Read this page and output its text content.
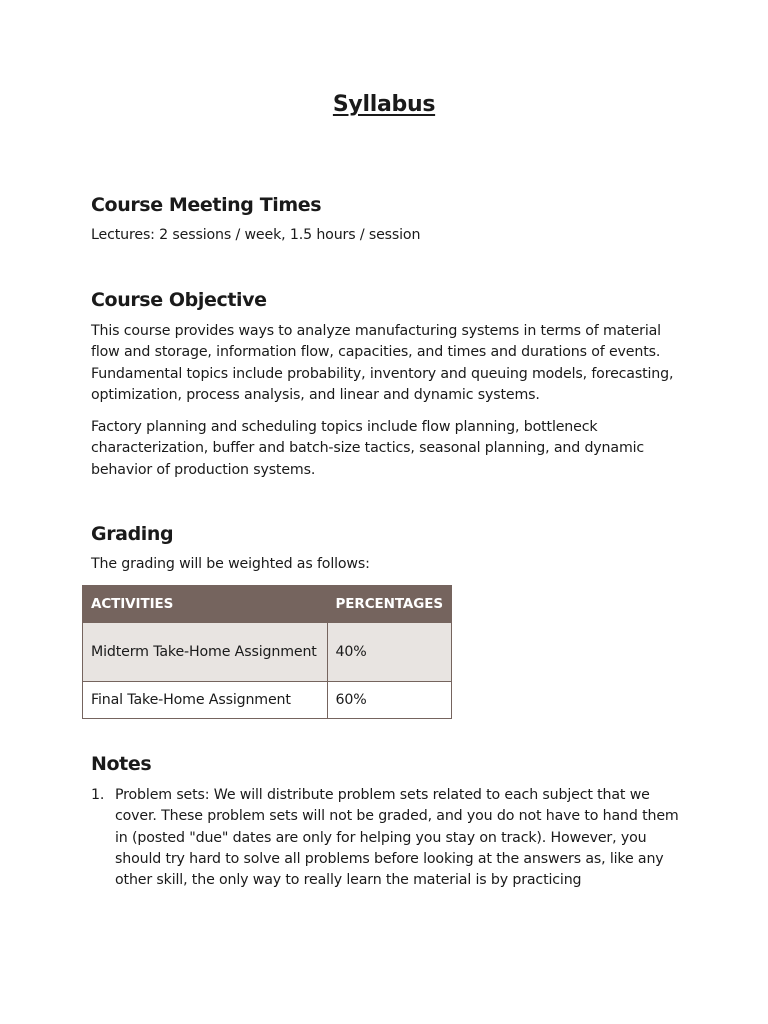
Syllabus
Course Meeting Times

Lectures: 2 sessions / week, 1.5 hours / session

Course Objective

This course provides ways to analyze manufacturing systems in terms of material flow and storage, information flow, capacities, and times and durations of events. Fundamental topics include probability, inventory and queuing models, forecasting, optimization, process analysis, and linear and dynamic systems.

Factory planning and scheduling topics include flow planning, bottleneck characterization, buffer and batch-size tactics, seasonal planning, and dynamic behavior of production systems.

Grading

The grading will be weighted as follows:

ACTIVITIES	PERCENTAGES
Midterm Take-Home Assignment	40%
Final Take-Home Assignment	60%
Notes
1. Problem sets: We will distribute problem sets related to each subject that we cover. These problem sets will not be graded, and you do not have to hand them in (posted "due" dates are only for helping you stay on track). However, you should try hard to solve all problems before looking at the answers as, like any other skill, the only way to really learn the material is by practicing
